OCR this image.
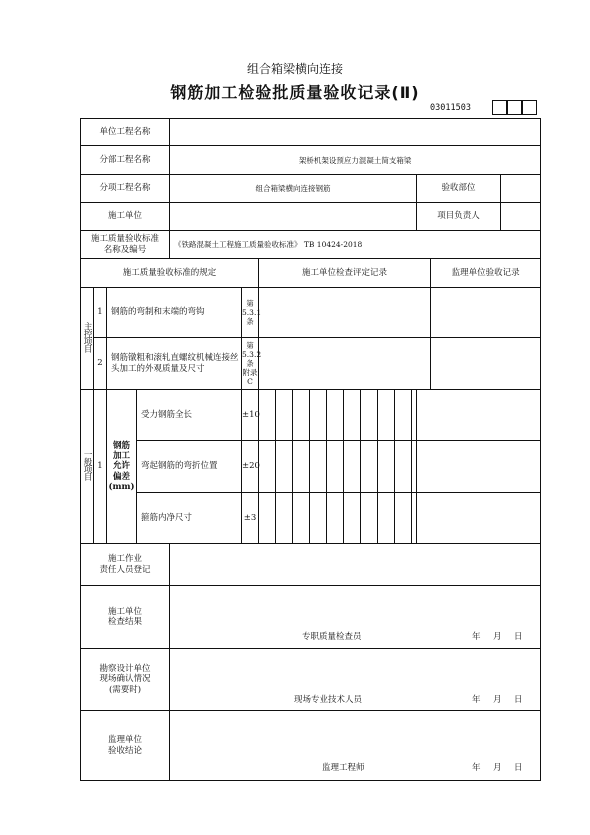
组合箱梁横向连接
钢筋加工检验批质量验收记录(Ⅱ)
03011503
单位工程名称																		
分部工程名称				架桥机架设预应力混凝土简支箱梁														
分项工程名称				组合箱梁横向连接钢筋												验收部位		
施工单位																项目负责人		
施工质量验收标准
名称及编号				《铁路混凝土工程施工质量验收标准》 TB 10424-2018														
施工质量验收标准的规定						施工单位检查评定记录											监理单位验收记录	
主控项目	1	钢筋的弯制和末端的弯钩			第5.3.1条													
	2	钢筋镦粗和滚轧直螺纹机械连接丝头加工的外观质量及尺寸			第5.3.2条
附录C													
一般项目	1	钢筋
加工
允许
偏差
(mm)	受力钢筋全长		±10													
			弯起钢筋的弯折位置		±20													
			箍筋内净尺寸		±3													
施工作业
责任人员登记																		
施工单位
检查结果				专职质量检查员 年 月 日														

勘察设计单位
现场确认情况
(需要时)				现场专业技术人员 年 月 日														

监理单位
验收结论				监理工程师 年 月 日														
